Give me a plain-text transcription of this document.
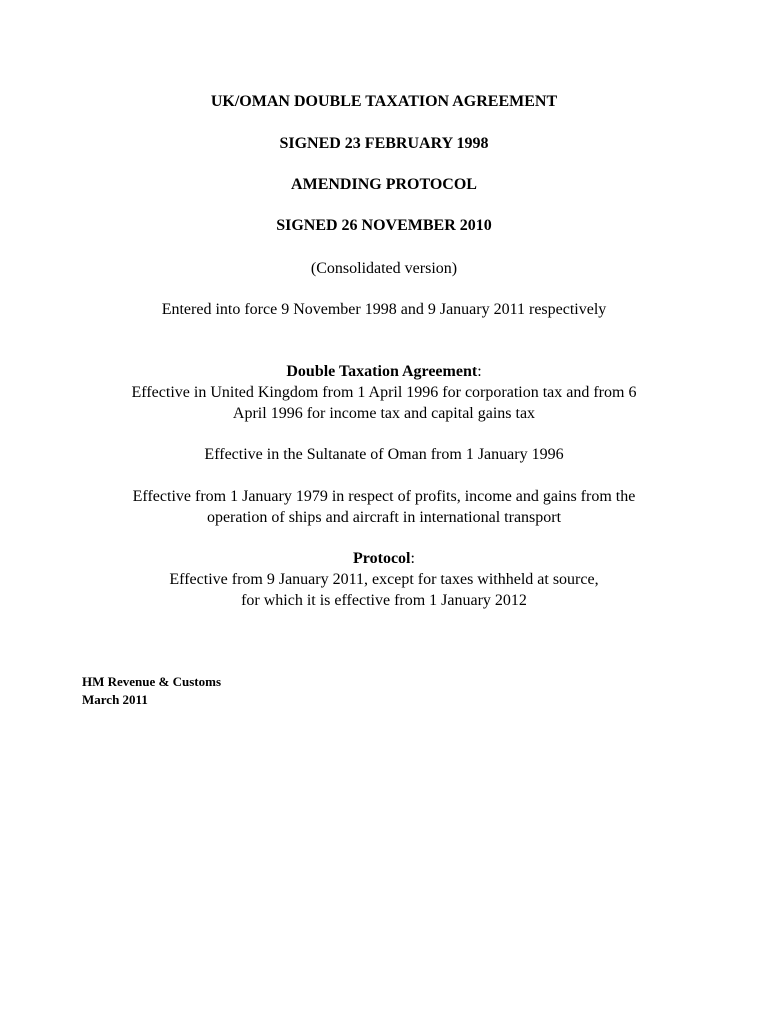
UK/OMAN DOUBLE TAXATION AGREEMENT
SIGNED 23 FEBRUARY 1998
AMENDING PROTOCOL
SIGNED 26 NOVEMBER 2010
(Consolidated version)
Entered into force 9 November 1998 and 9 January 2011 respectively
Double Taxation Agreement:
Effective in United Kingdom from 1 April 1996 for corporation tax and from 6
April 1996 for income tax and capital gains tax
Effective in the Sultanate of Oman from 1 January 1996
Effective from 1 January 1979 in respect of profits, income and gains from the
operation of ships and aircraft in international transport
Protocol:
Effective from 9 January 2011, except for taxes withheld at source,
for which it is effective from 1 January 2012
HM Revenue & Customs
March 2011
